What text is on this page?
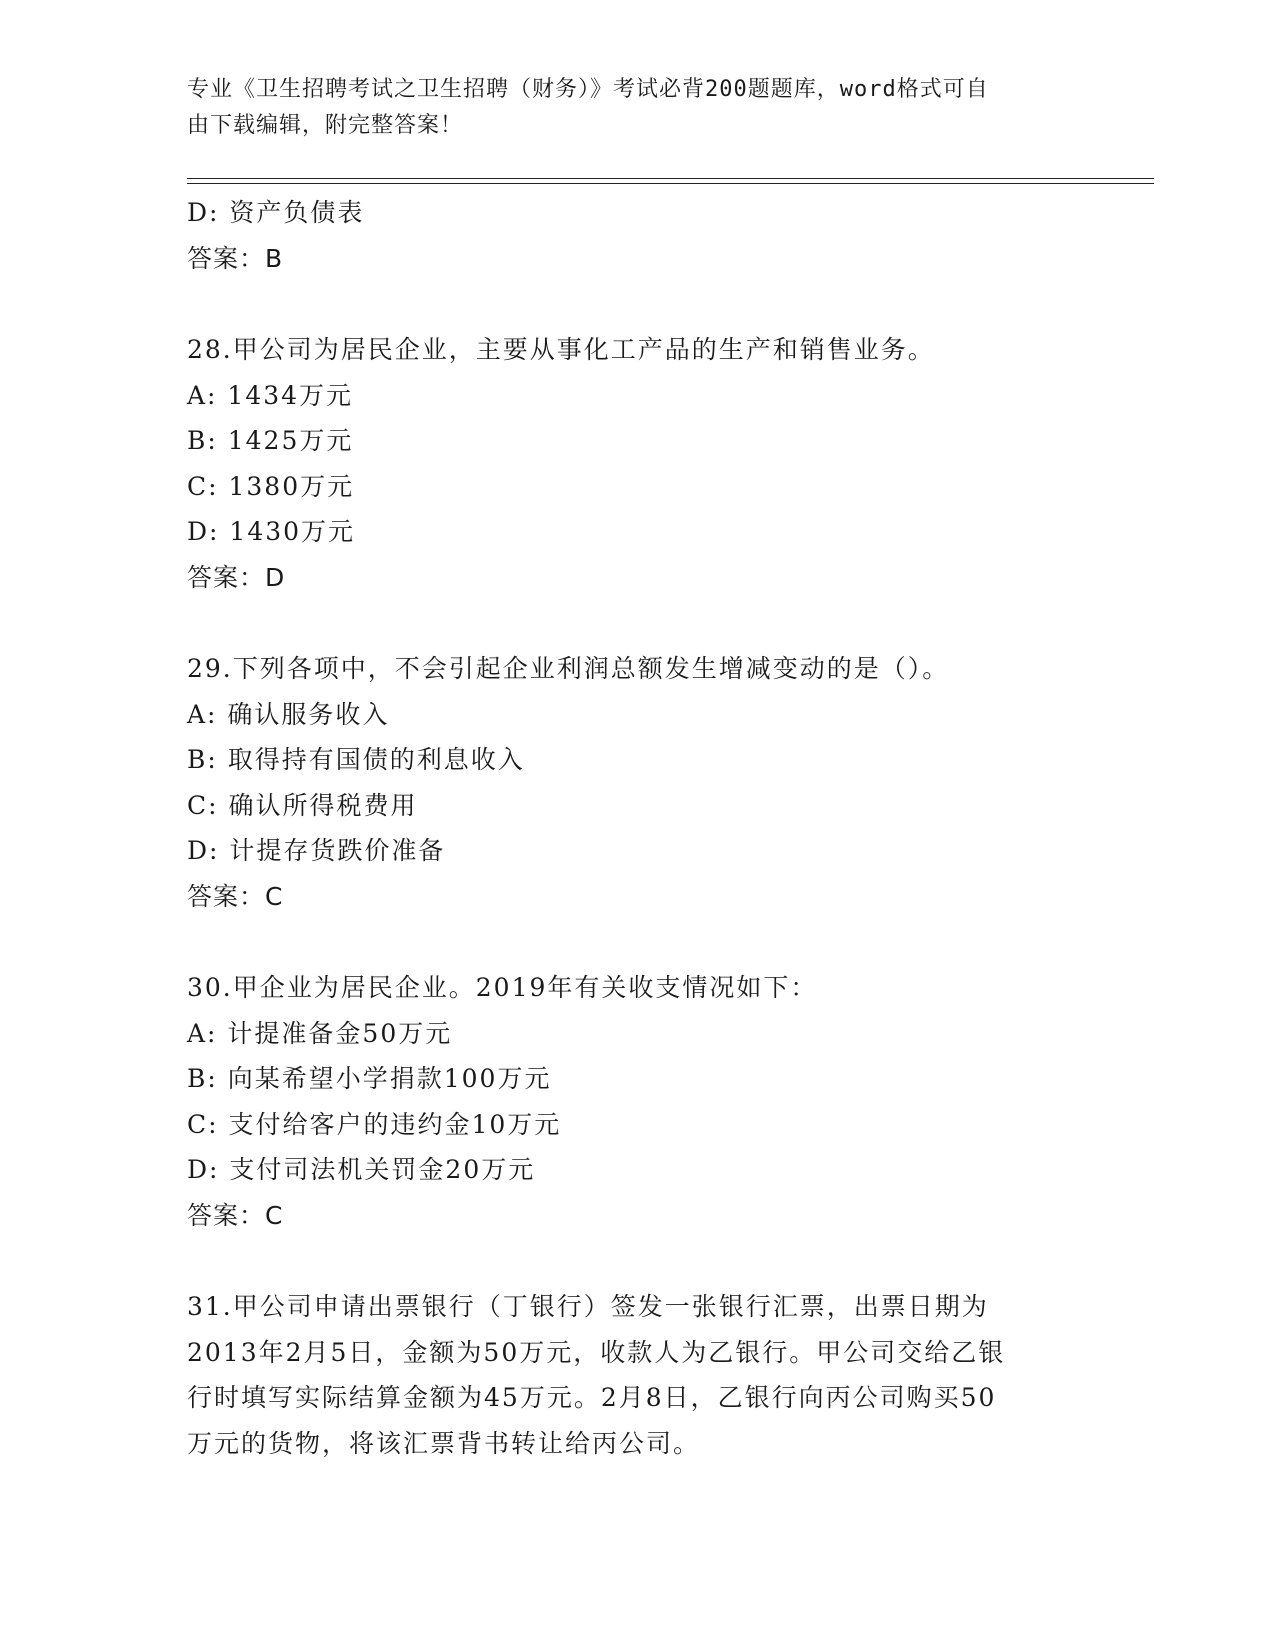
专业《卫生招聘考试之卫生招聘（财务）》考试必背200题题库，word格式可自
由下载编辑，附完整答案！
D: 资产负债表
答案：B
28.甲公司为居民企业，主要从事化工产品的生产和销售业务。
A: 1434万元
B: 1425万元
C: 1380万元
D: 1430万元
答案：D
29.下列各项中，不会引起企业利润总额发生增减变动的是（）。
A: 确认服务收入
B: 取得持有国债的利息收入
C: 确认所得税费用
D: 计提存货跌价准备
答案：C
30.甲企业为居民企业。2019年有关收支情况如下：
A: 计提准备金50万元
B: 向某希望小学捐款100万元
C: 支付给客户的违约金10万元
D: 支付司法机关罚金20万元
答案：C
31.甲公司申请出票银行（丁银行）签发一张银行汇票，出票日期为
2013年2月5日，金额为50万元，收款人为乙银行。甲公司交给乙银
行时填写实际结算金额为45万元。2月8日，乙银行向丙公司购买50
万元的货物，将该汇票背书转让给丙公司。
